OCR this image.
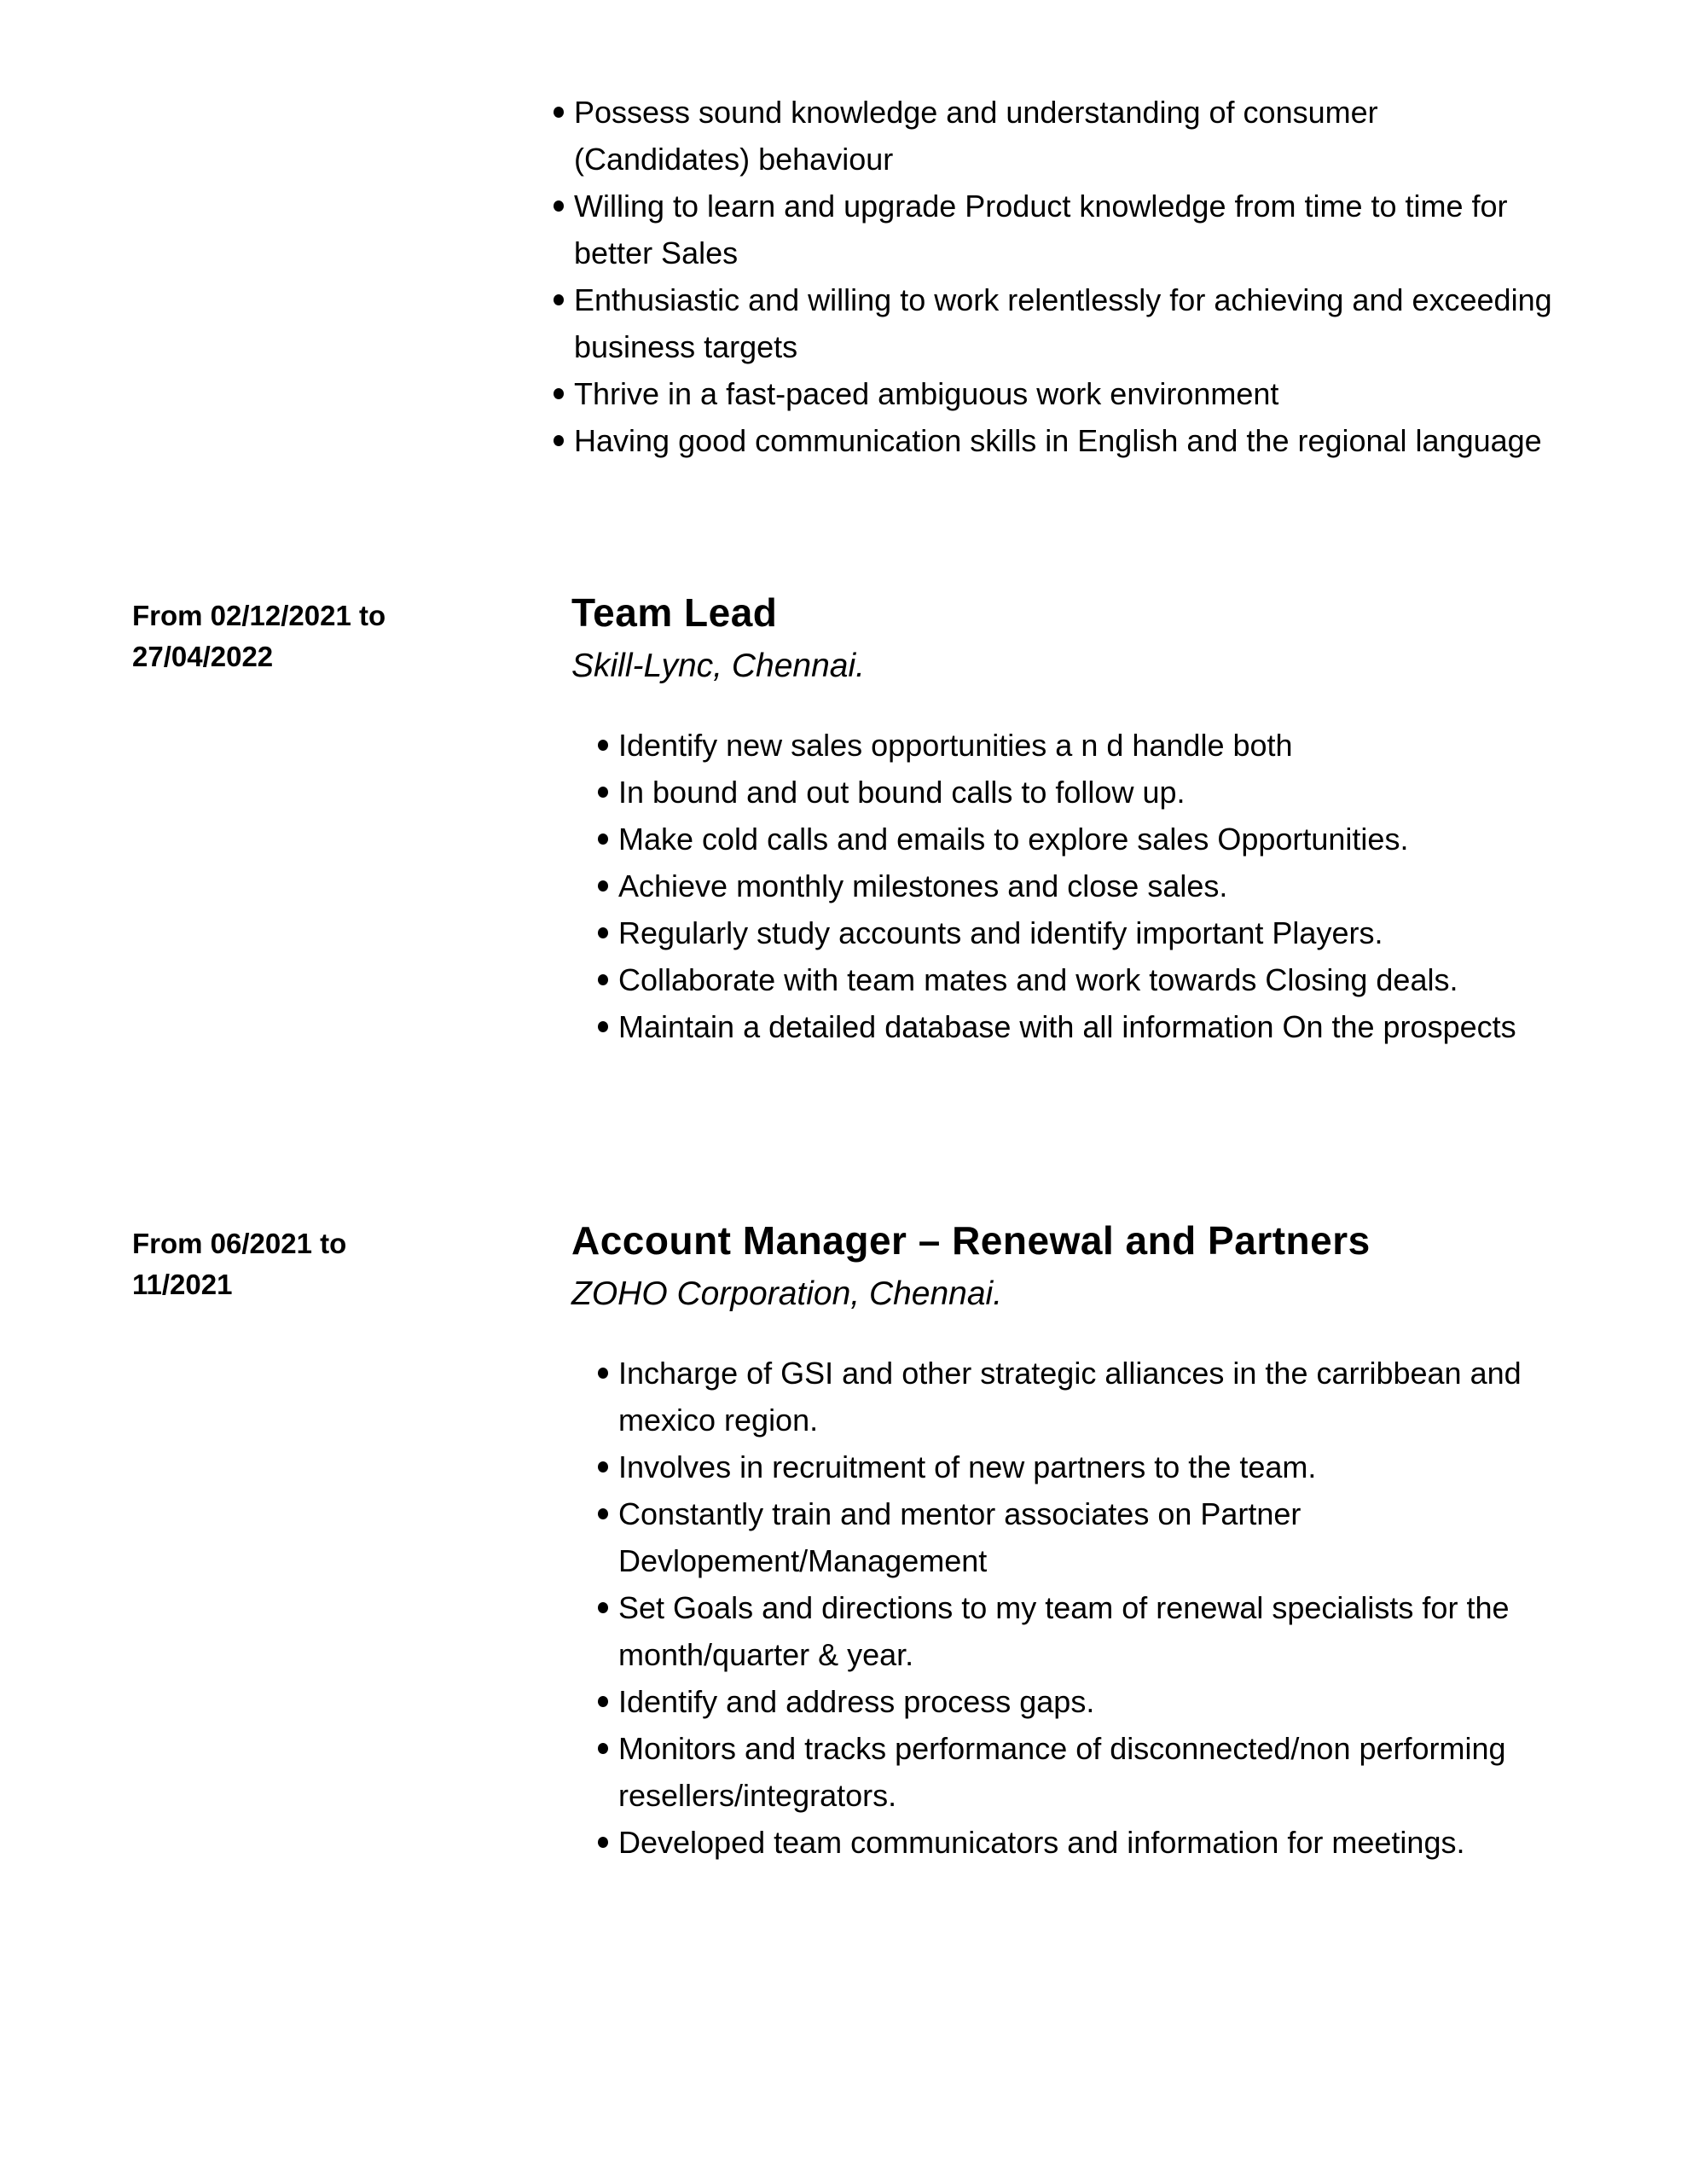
Possess sound knowledge and understanding of consumer (Candidates) behaviour
Willing to learn and upgrade Product knowledge from time to time for better Sales
Enthusiastic and willing to work relentlessly for achieving and exceeding business targets
Thrive in a fast-paced ambiguous work environment
Having good communication skills in English and the regional language
From 02/12/2021 to 27/04/2022
Team Lead
Skill-Lync, Chennai.
Identify new sales opportunities a n d handle both
In bound and out bound calls to follow up.
Make cold calls and emails to explore sales Opportunities.
Achieve monthly milestones and close sales.
Regularly study accounts and identify important Players.
Collaborate with team mates and work towards Closing deals.
Maintain a detailed database with all information On the prospects
From 06/2021 to 11/2021
Account Manager – Renewal and Partners
ZOHO Corporation, Chennai.
Incharge of GSI and other strategic alliances in the carribbean and mexico region.
Involves in recruitment of new partners to the team.
Constantly train and mentor associates on Partner Devlopement/Management
Set Goals and directions to my team of renewal specialists for the month/quarter & year.
Identify and address process gaps.
Monitors and tracks performance of disconnected/non performing resellers/integrators.
Developed team communicators and information for meetings.
